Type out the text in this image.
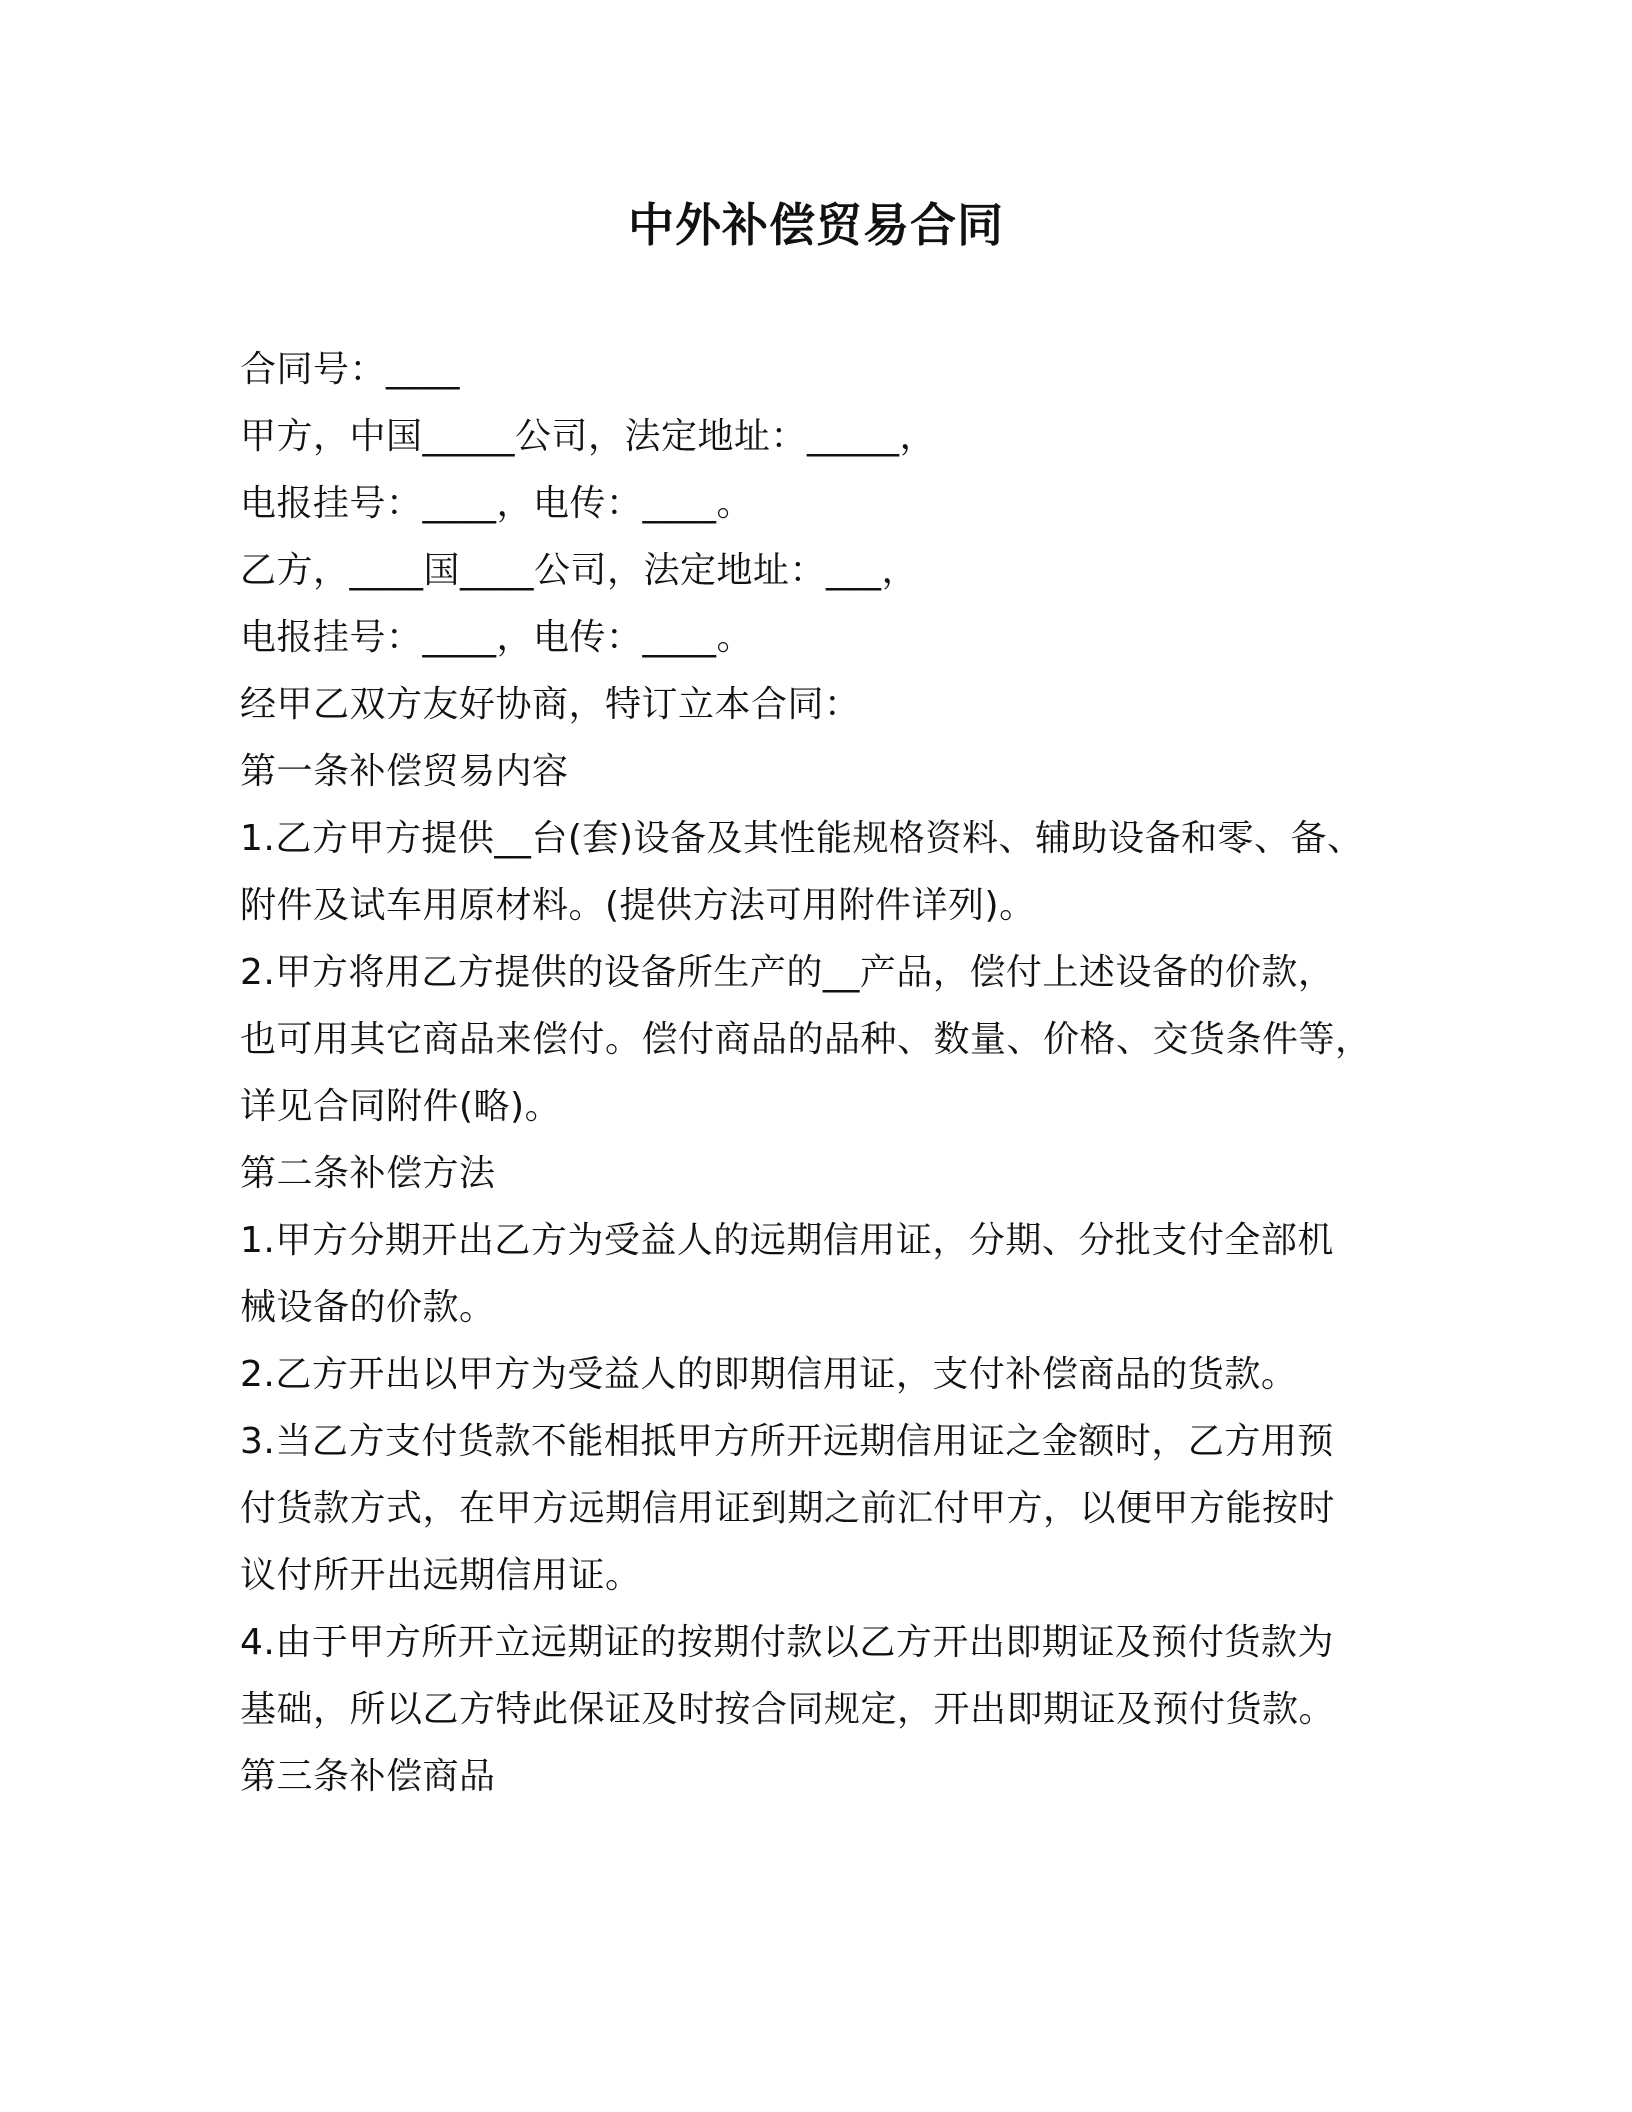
中外补偿贸易合同
合同号：____
甲方，中国_____公司，法定地址：_____，
电报挂号：____，电传：____。
乙方，____国____公司，法定地址：___，
电报挂号：____，电传：____。
经甲乙双方友好协商，特订立本合同：
第一条补偿贸易内容
1.乙方甲方提供__台(套)设备及其性能规格资料、辅助设备和零、备、
附件及试车用原材料。(提供方法可用附件详列)。
2.甲方将用乙方提供的设备所生产的__产品，偿付上述设备的价款，
也可用其它商品来偿付。偿付商品的品种、数量、价格、交货条件等，
详见合同附件(略)。
第二条补偿方法
1.甲方分期开出乙方为受益人的远期信用证，分期、分批支付全部机
械设备的价款。
2.乙方开出以甲方为受益人的即期信用证，支付补偿商品的货款。
3.当乙方支付货款不能相抵甲方所开远期信用证之金额时，乙方用预
付货款方式，在甲方远期信用证到期之前汇付甲方，以便甲方能按时
议付所开出远期信用证。
4.由于甲方所开立远期证的按期付款以乙方开出即期证及预付货款为
基础，所以乙方特此保证及时按合同规定，开出即期证及预付货款。
第三条补偿商品
